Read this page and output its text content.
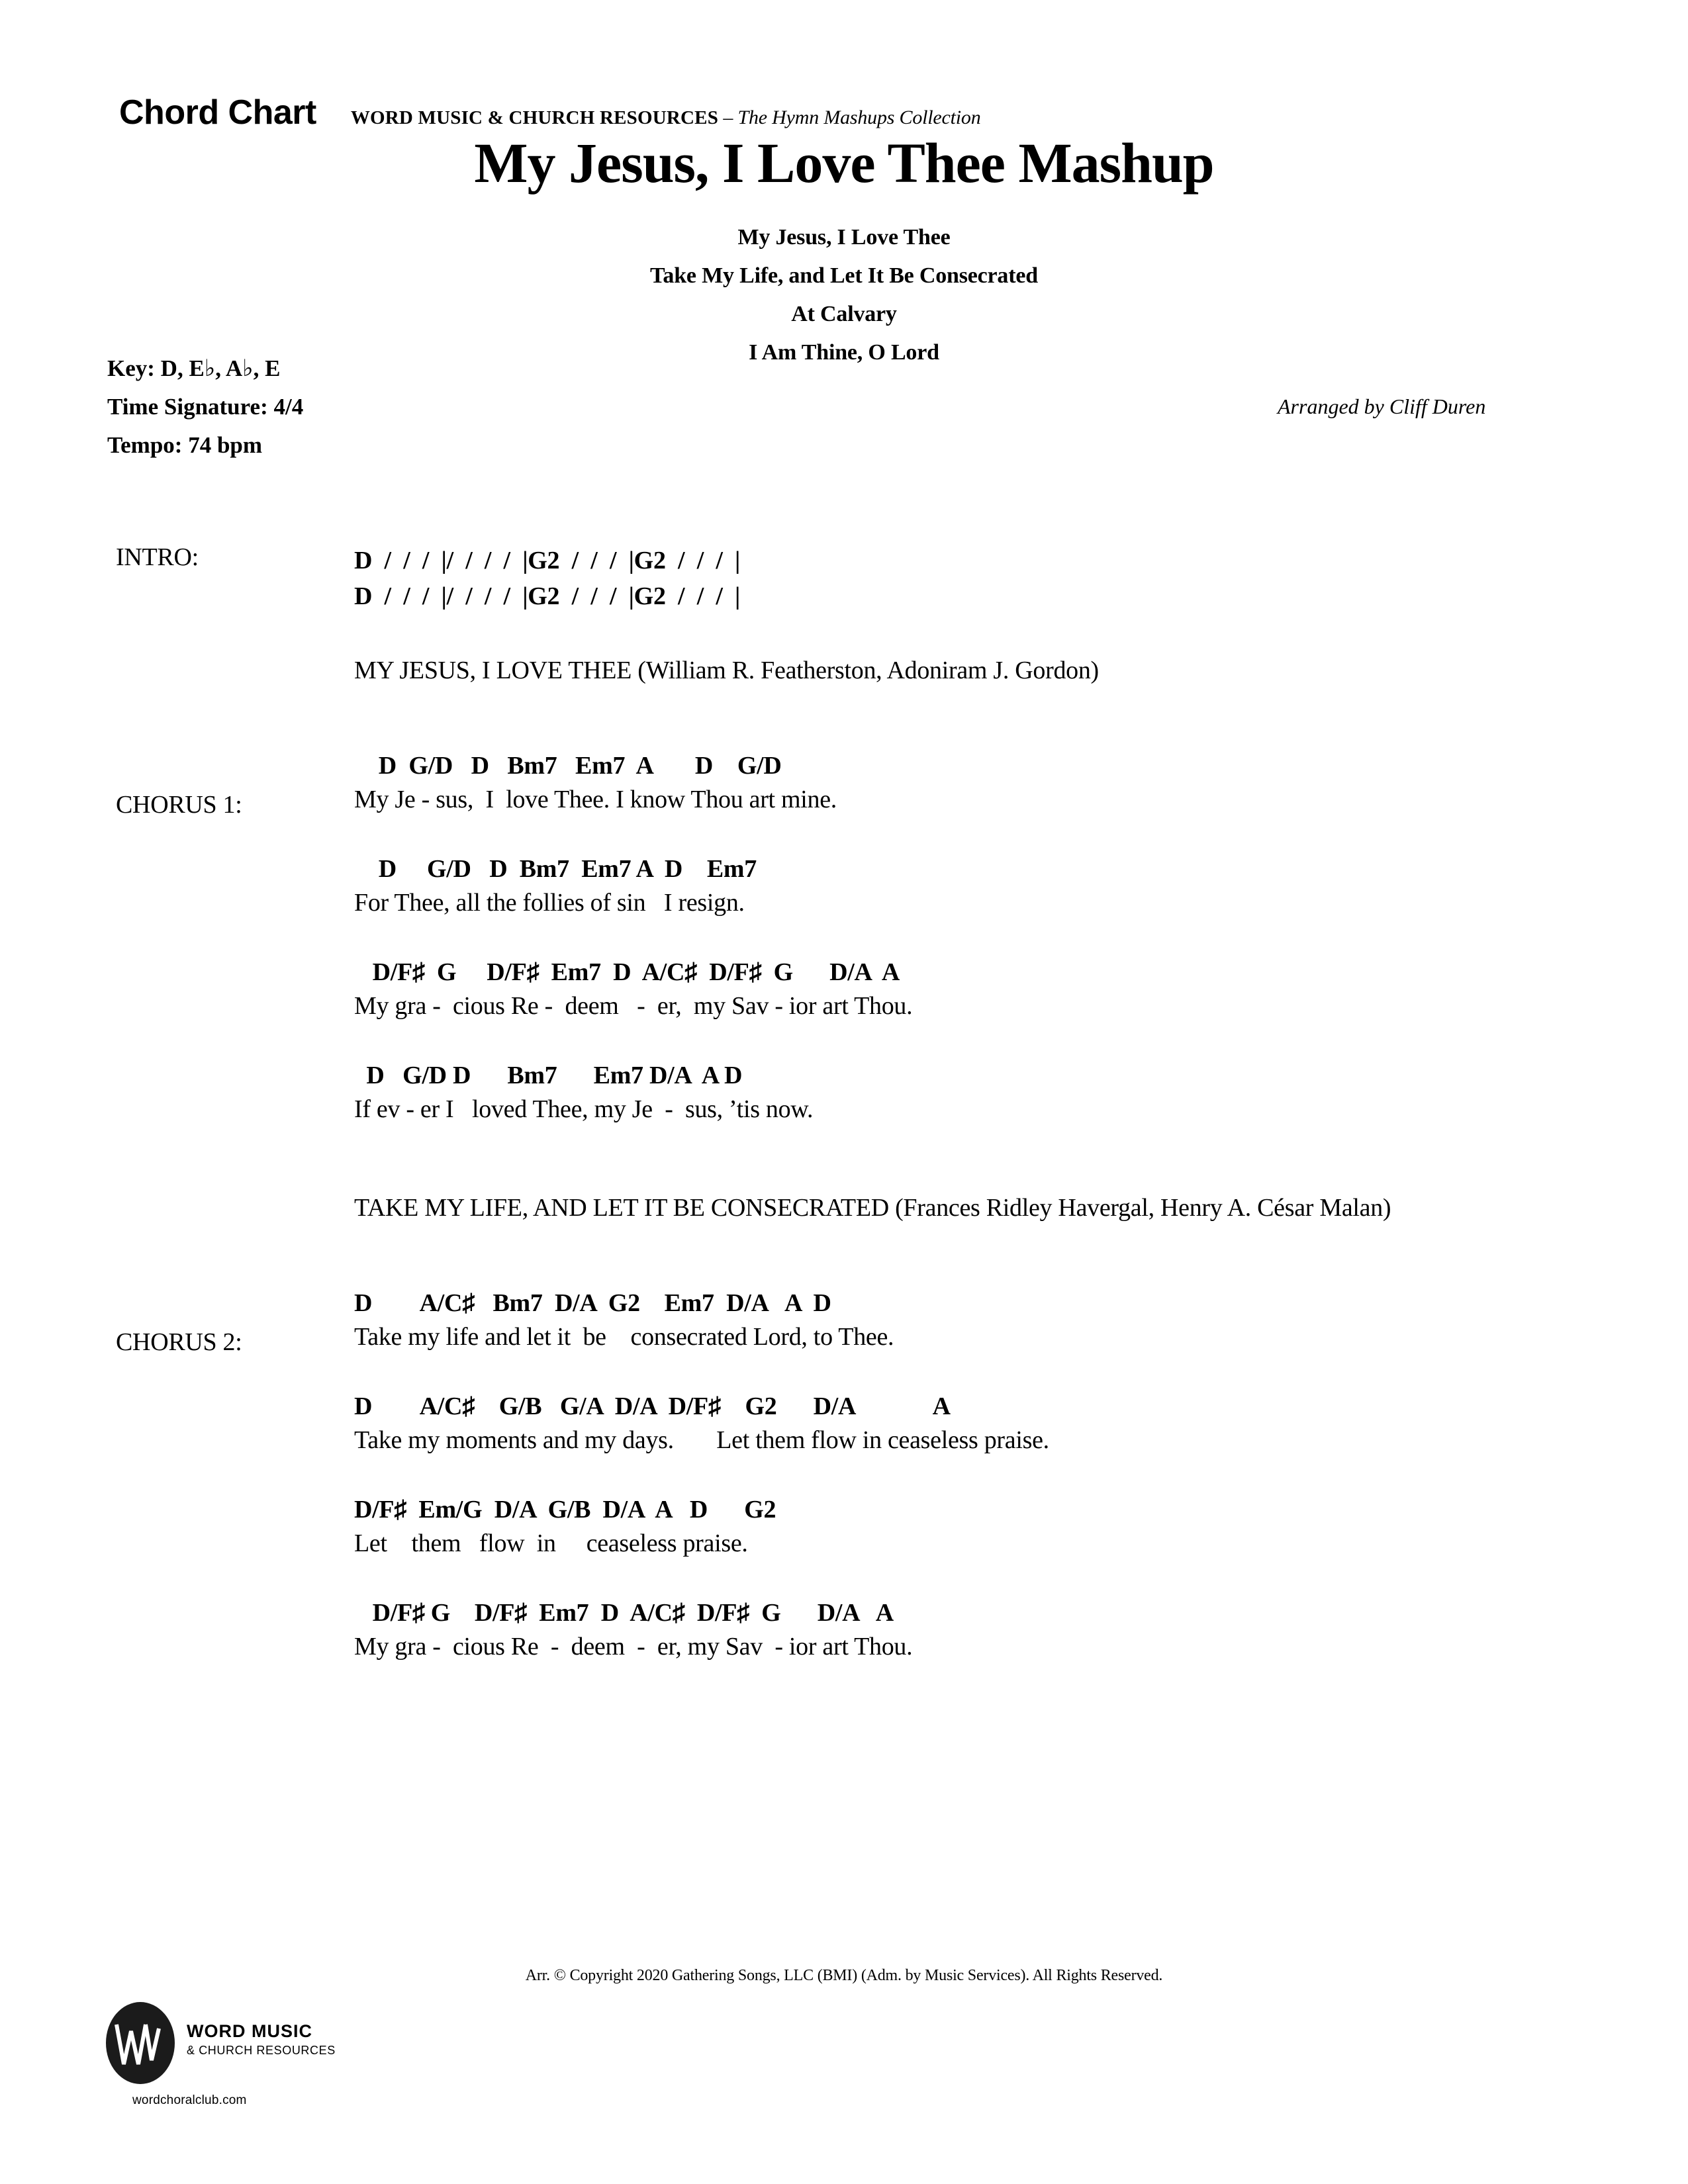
Chord Chart WORD MUSIC & CHURCH RESOURCES – The Hymn Mashups Collection
My Jesus, I Love Thee Mashup
My Jesus, I Love Thee
Take My Life, and Let It Be Consecrated
At Calvary
I Am Thine, O Lord
Key: D, E♭, A♭, E
Time Signature: 4/4
Tempo: 74 bpm
Arranged by Cliff Duren
INTRO:	D  /  /  /  |/  /  /  /  |G2  /  /  /  |G2  /  /  /  |
D  /  /  /  |/  /  /  /  |G2  /  /  /  |G2  /  /  /  |
MY JESUS, I LOVE THEE (William R. Featherston, Adoniram J. Gordon)
CHORUS 1:
D  G/D   D   Bm7   Em7  A       D    G/D
My Je - sus,  I  love Thee. I know Thou art mine.
D     G/D   D  Bm7  Em7 A  D    Em7
For Thee, all the follies of sin   I resign.
D/F♯  G     D/F♯  Em7  D  A/C♯  D/F♯  G      D/A  A
My gra -  cious Re -  deem   -  er,  my Sav - ior art Thou.
D   G/D D      Bm7      Em7 D/A  A D
If ev - er I   loved Thee, my Je  -  sus, ’tis now.
TAKE MY LIFE, AND LET IT BE CONSECRATED (Frances Ridley Havergal, Henry A. César Malan)
CHORUS 2:
D        A/C♯   Bm7  D/A  G2    Em7  D/A   A  D
Take my life and let it  be    consecrated Lord, to Thee.
D        A/C♯    G/B   G/A  D/A  D/F♯    G2      D/A             A
Take my moments and my days.       Let them flow in ceaseless praise.
D/F♯  Em/G  D/A  G/B  D/A  A   D      G2
Let    them   flow  in     ceaseless praise.
D/F♯ G    D/F♯  Em7  D  A/C♯  D/F♯  G      D/A   A
My gra -  cious Re  -  deem  -  er, my Sav  - ior art Thou.
Arr. © Copyright 2020 Gathering Songs, LLC (BMI) (Adm. by Music Services). All Rights Reserved.
WORD MUSIC
& CHURCH RESOURCES
wordchoralclub.com
